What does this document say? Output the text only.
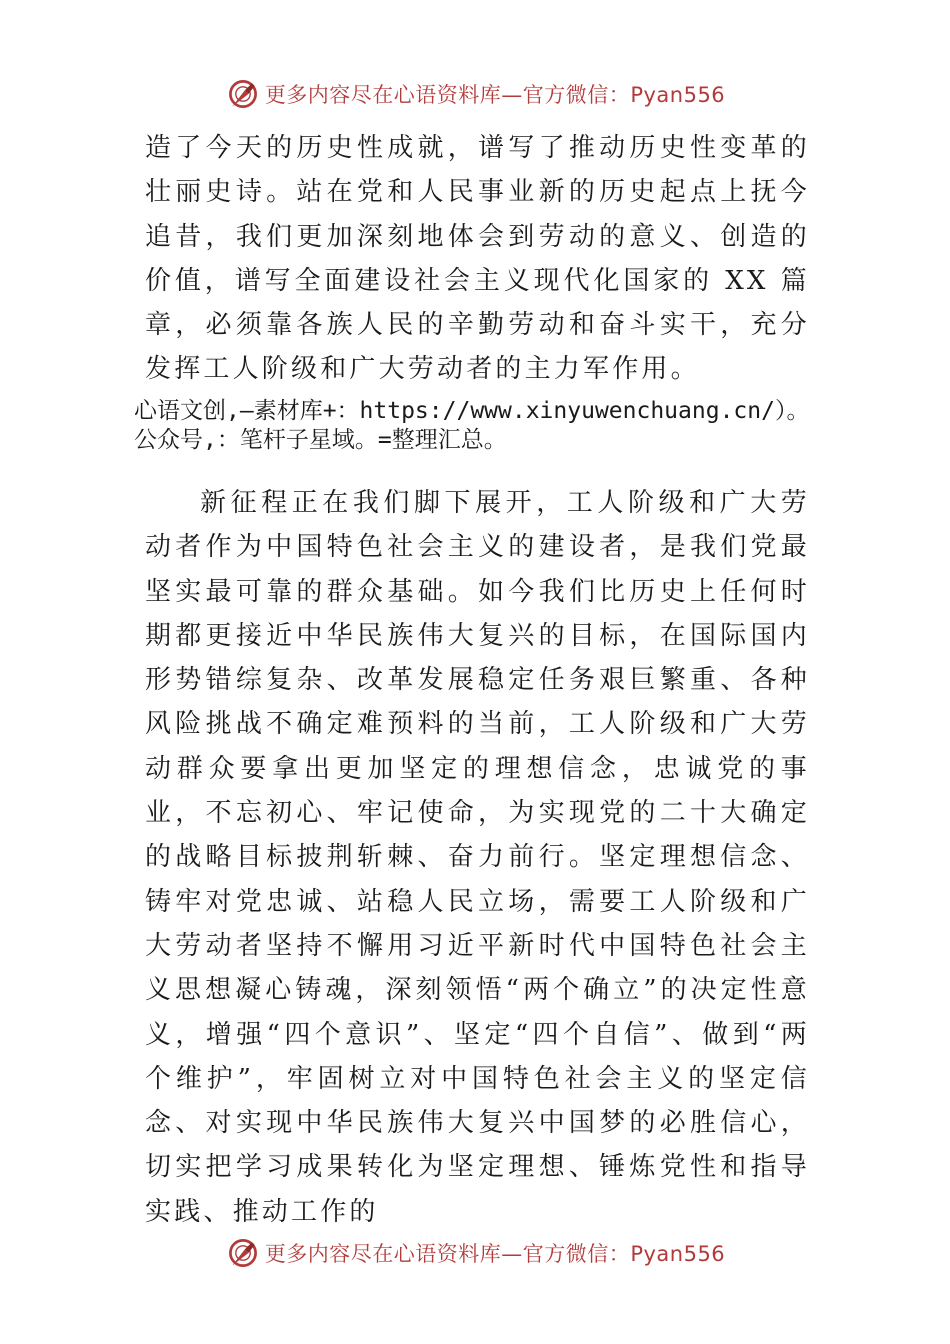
更多内容尽在心语资料库—官方微信：Pyan556

造了今天的历史性成就，谱写了推动历史性变革的壮丽史诗。站在党和人民事业新的历史起点上抚今追昔，我们更加深刻地体会到劳动的意义、创造的价值，谱写全面建设社会主义现代化国家的 XX 篇章，必须靠各族人民的辛勤劳动和奋斗实干，充分发挥工人阶级和广大劳动者的主力军作用。

心语文创,—素材库+：https://www.xinyuwenchuang.cn/）。公众号,：笔杆子星域。=整理汇总。

新征程正在我们脚下展开，工人阶级和广大劳动者作为中国特色社会主义的建设者，是我们党最坚实最可靠的群众基础。如今我们比历史上任何时期都更接近中华民族伟大复兴的目标，在国际国内形势错综复杂、改革发展稳定任务艰巨繁重、各种风险挑战不确定难预料的当前，工人阶级和广大劳动群众要拿出更加坚定的理想信念，忠诚党的事业，不忘初心、牢记使命，为实现党的二十大确定的战略目标披荆斩棘、奋力前行。坚定理想信念、铸牢对党忠诚、站稳人民立场，需要工人阶级和广大劳动者坚持不懈用习近平新时代中国特色社会主义思想凝心铸魂，深刻领悟“两个确立”的决定性意义，增强“四个意识”、坚定“四个自信”、做到“两个维护”，牢固树立对中国特色社会主义的坚定信念、对实现中华民族伟大复兴中国梦的必胜信心，切实把学习成果转化为坚定理想、锤炼党性和指导实践、推动工作的

更多内容尽在心语资料库—官方微信：Pyan556
